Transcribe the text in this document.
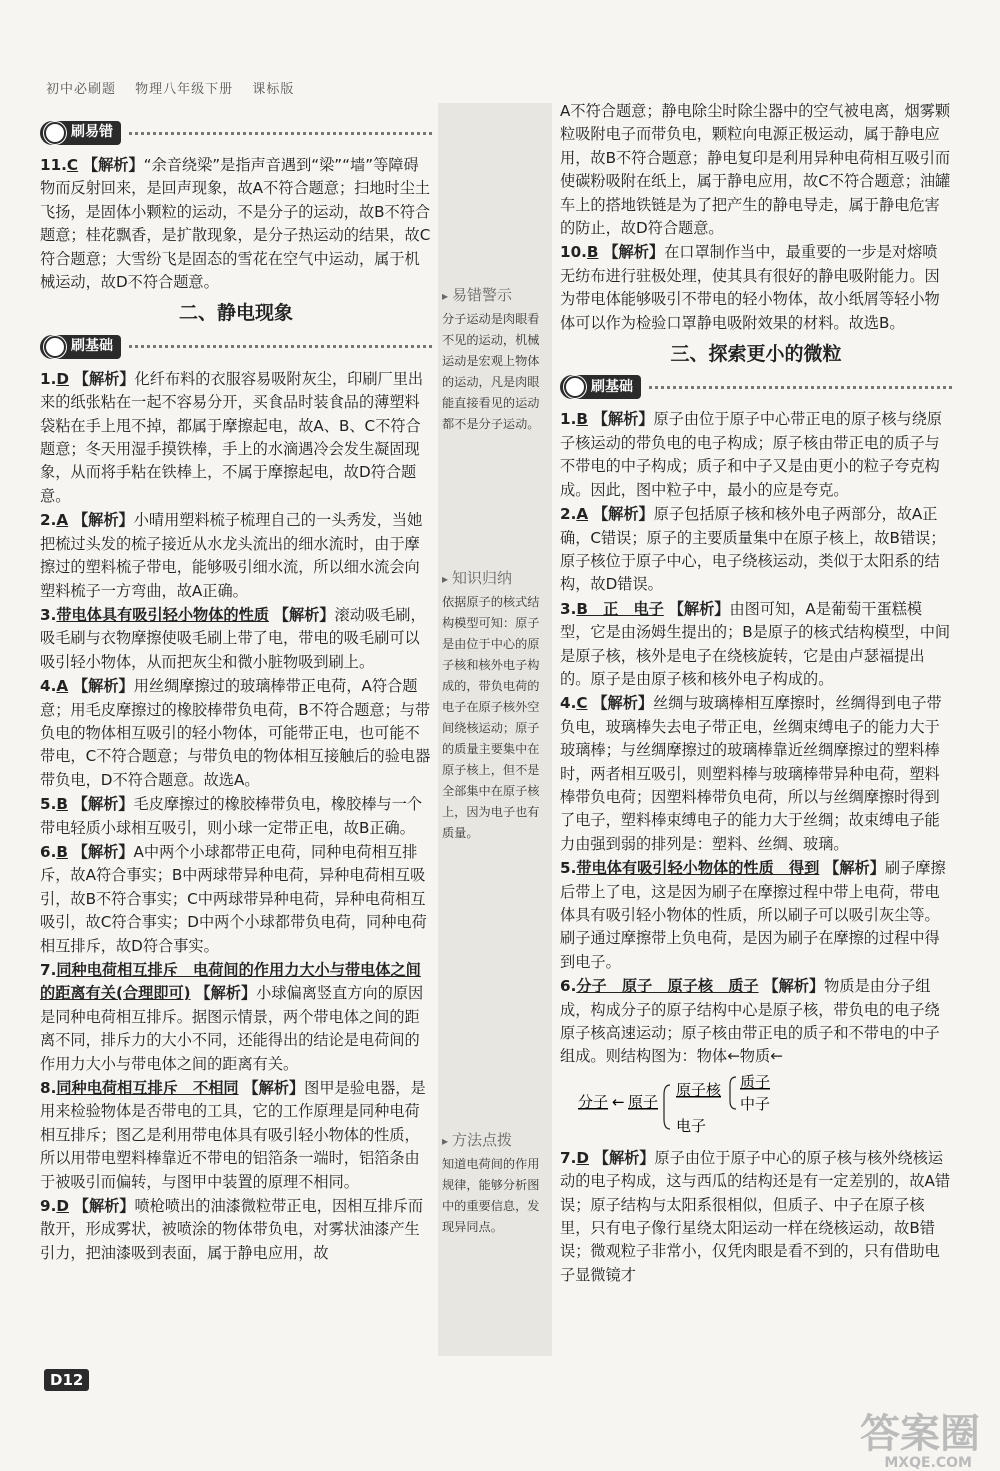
初中必刷题 物理八年级下册 课标版
刷易错

11.C 【解析】“余音绕梁”是指声音遇到“梁”“墙”等障碍物而反射回来，是回声现象，故A不符合题意；扫地时尘土飞扬，是固体小颗粒的运动，不是分子的运动，故B不符合题意；桂花飘香，是扩散现象，是分子热运动的结果，故C符合题意；大雪纷飞是固态的雪花在空气中运动，属于机械运动，故D不符合题意。

二、静电现象
刷基础

1.D 【解析】化纤布料的衣服容易吸附灰尘，印刷厂里出来的纸张粘在一起不容易分开，买食品时装食品的薄塑料袋粘在手上甩不掉，都属于摩擦起电，故A、B、C不符合题意；冬天用湿手摸铁棒，手上的水滴遇冷会发生凝固现象，从而将手粘在铁棒上，不属于摩擦起电，故D符合题意。

2.A 【解析】小晴用塑料梳子梳理自己的一头秀发，当她把梳过头发的梳子接近从水龙头流出的细水流时，由于摩擦过的塑料梳子带电，能够吸引细水流，所以细水流会向塑料梳子一方弯曲，故A正确。

3.带电体具有吸引轻小物体的性质 【解析】滚动吸毛刷，吸毛刷与衣物摩擦使吸毛刷上带了电，带电的吸毛刷可以吸引轻小物体，从而把灰尘和微小脏物吸到刷上。

4.A 【解析】用丝绸摩擦过的玻璃棒带正电荷，A符合题意；用毛皮摩擦过的橡胶棒带负电荷，B不符合题意；与带负电的物体相互吸引的轻小物体，可能带正电，也可能不带电，C不符合题意；与带负电的物体相互接触后的验电器带负电，D不符合题意。故选A。

5.B 【解析】毛皮摩擦过的橡胶棒带负电，橡胶棒与一个带电轻质小球相互吸引，则小球一定带正电，故B正确。

6.B 【解析】A中两个小球都带正电荷，同种电荷相互排斥，故A符合事实；B中两球带异种电荷，异种电荷相互吸引，故B不符合事实；C中两球带异种电荷，异种电荷相互吸引，故C符合事实；D中两个小球都带负电荷，同种电荷相互排斥，故D符合事实。

7.同种电荷相互排斥　电荷间的作用力大小与带电体之间的距离有关(合理即可) 【解析】小球偏离竖直方向的原因是同种电荷相互排斥。据图示情景，两个带电体之间的距离不同，排斥力的大小不同，还能得出的结论是电荷间的作用力大小与带电体之间的距离有关。

8.同种电荷相互排斥　不相同 【解析】图甲是验电器，是用来检验物体是否带电的工具，它的工作原理是同种电荷相互排斥；图乙是利用带电体具有吸引轻小物体的性质，所以用带电塑料棒靠近不带电的铝箔条一端时，铝箔条由于被吸引而偏转，与图甲中装置的原理不相同。

9.D 【解析】喷枪喷出的油漆微粒带正电，因相互排斥而散开，形成雾状，被喷涂的物体带负电，对雾状油漆产生引力，把油漆吸到表面，属于静电应用，故

▸ 易错警示
分子运动是肉眼看不见的运动，机械运动是宏观上物体的运动，凡是肉眼能直接看见的运动都不是分子运动。
▸ 知识归纳
依据原子的核式结构模型可知：原子是由位于中心的原子核和核外电子构成的，带负电荷的电子在原子核外空间绕核运动；原子的质量主要集中在原子核上，但不是全部集中在原子核上，因为电子也有质量。
▸ 方法点拨
知道电荷间的作用规律，能够分析图中的重要信息，发现异同点。

A不符合题意；静电除尘时除尘器中的空气被电离，烟雾颗粒吸附电子而带负电，颗粒向电源正极运动，属于静电应用，故B不符合题意；静电复印是利用异种电荷相互吸引而使碳粉吸附在纸上，属于静电应用，故C不符合题意；油罐车上的搭地铁链是为了把产生的静电导走，属于静电危害的防止，故D符合题意。

10.B 【解析】在口罩制作当中，最重要的一步是对熔喷无纺布进行驻极处理，使其具有很好的静电吸附能力。因为带电体能够吸引不带电的轻小物体，故小纸屑等轻小物体可以作为检验口罩静电吸附效果的材料。故选B。

三、探索更小的微粒
刷基础

1.B 【解析】原子由位于原子中心带正电的原子核与绕原子核运动的带负电的电子构成；原子核由带正电的质子与不带电的中子构成；质子和中子又是由更小的粒子夸克构成。因此，图中粒子中，最小的应是夸克。

2.A 【解析】原子包括原子核和核外电子两部分，故A正确，C错误；原子的主要质量集中在原子核上，故B错误；原子核位于原子中心，电子绕核运动，类似于太阳系的结构，故D错误。

3.B　正　电子 【解析】由图可知，A是葡萄干蛋糕模型，它是由汤姆生提出的；B是原子的核式结构模型，中间是原子核，核外是电子在绕核旋转，它是由卢瑟福提出的。原子是由原子核和核外电子构成的。

4.C 【解析】丝绸与玻璃棒相互摩擦时，丝绸得到电子带负电，玻璃棒失去电子带正电，丝绸束缚电子的能力大于玻璃棒；与丝绸摩擦过的玻璃棒靠近丝绸摩擦过的塑料棒时，两者相互吸引，则塑料棒与玻璃棒带异种电荷，塑料棒带负电荷；因塑料棒带负电荷，所以与丝绸摩擦时得到了电子，塑料棒束缚电子的能力大于丝绸；故束缚电子能力由强到弱的排列是：塑料、丝绸、玻璃。

5.带电体有吸引轻小物体的性质　得到 【解析】刷子摩擦后带上了电，这是因为刷子在摩擦过程中带上电荷，带电体具有吸引轻小物体的性质，所以刷子可以吸引灰尘等。刷子通过摩擦带上负电荷，是因为刷子在摩擦的过程中得到电子。

6.分子　原子　原子核　质子 【解析】物质是由分子组成，构成分子的原子结构中心是原子核，带负电的电子绕原子核高速运动；原子核由带正电的质子和不带电的中子组成。则结构图为：物体←物质←

分子 ← 原子
原子核
电子
质子
中子

7.D 【解析】原子由位于原子中心的原子核与核外绕核运动的电子构成，这与西瓜的结构还是有一定差别的，故A错误；原子结构与太阳系很相似，但质子、中子在原子核里，只有电子像行星绕太阳运动一样在绕核运动，故B错误；微观粒子非常小，仅凭肉眼是看不到的，只有借助电子显微镜才

D12
答案圈
MXQE.COM
